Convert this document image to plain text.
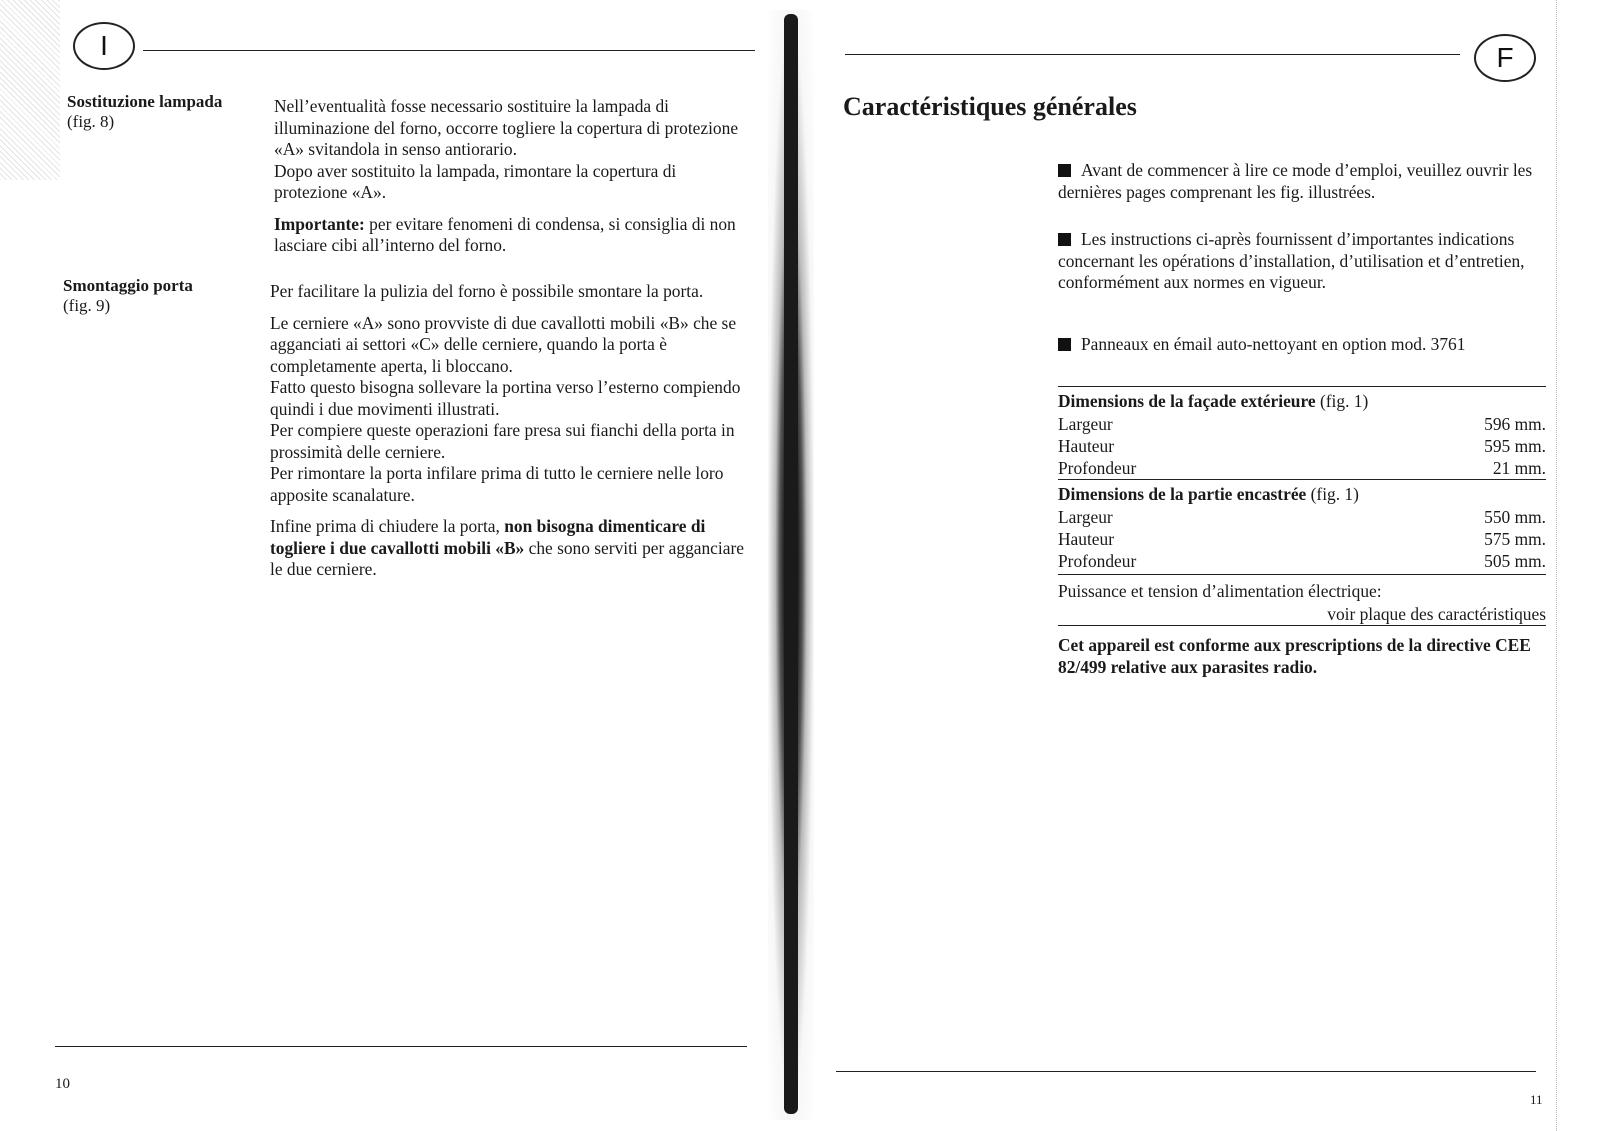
I
Sostituzione lampada
(fig. 8)

Nell’eventualità fosse necessario sostituire la lampada di illuminazione del forno, occorre togliere la copertura di protezione «A» svitandola in senso antiorario.

Dopo aver sostituito la lampada, rimontare la copertura di protezione «A».

Importante: per evitare fenomeni di condensa, si consiglia di non lasciare cibi all’interno del forno.

Smontaggio porta
(fig. 9)

Per facilitare la pulizia del forno è possibile smontare la porta.

Le cerniere «A» sono provviste di due cavallotti mobili «B» che se agganciati ai settori «C» delle cerniere, quando la porta è completamente aperta, li bloccano.

Fatto questo bisogna sollevare la portina verso l’esterno compiendo quindi i due movimenti illustrati.

Per compiere queste operazioni fare presa sui fianchi della porta in prossimità delle cerniere.

Per rimontare la porta infilare prima di tutto le cerniere nelle loro apposite scanalature.

Infine prima di chiudere la porta, non bisogna dimenticare di togliere i due cavallotti mobili «B» che sono serviti per agganciare le due cerniere.

10
F
Caractéristiques générales
Avant de commencer à lire ce mode d’emploi, veuillez ouvrir les dernières pages comprenant les fig. illustrées.
Les instructions ci-après fournissent d’importantes indications concernant les opérations d’installation, d’utilisation et d’entretien, conformément aux normes en vigueur.
Panneaux en émail auto-nettoyant en option mod. 3761
Dimensions de la façade extérieure (fig. 1)
Largeur	596 mm.
Hauteur	595 mm.
Profondeur	21 mm.
Dimensions de la partie encastrée (fig. 1)
Largeur	550 mm.
Hauteur	575 mm.
Profondeur	505 mm.
Puissance et tension d’alimentation électrique:
voir plaque des caractéristiques
Cet appareil est conforme aux prescriptions de la directive CEE 82/499 relative aux parasites radio.
11
